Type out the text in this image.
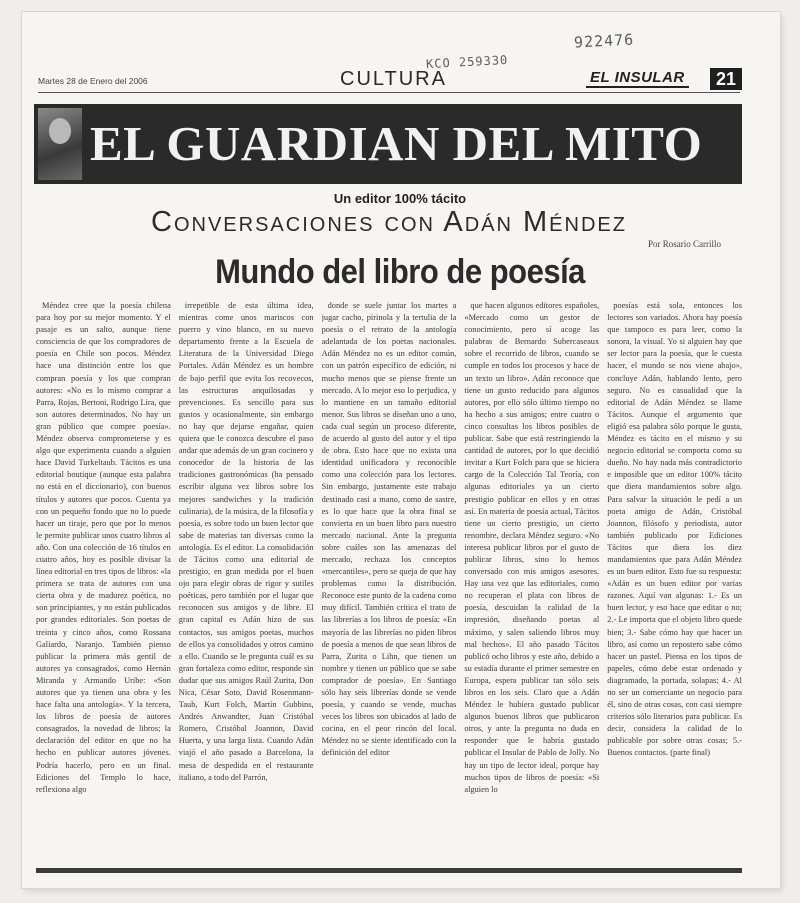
922476
KCO 259330
Martes 28 de Enero del 2006	CULTURA	EL INSULAR	21
EL GUARDIAN DEL MITO
Un editor 100% tácito
Conversaciones con Adán Méndez
Por Rosario Carrillo
Mundo del libro de poesía

Méndez cree que la poesía chilena para hoy por su mejor momento. Y el pasaje es un salto, aunque tiene consciencia de que los compradores de poesía en Chile son pocos. Méndez hace una distinción entre los que compran poesía y los que compran autores: «No es lo mismo comprar a Parra, Rojas, Bertoni, Rodrigo Lira, que son autores determinados. No hay un gran público que compre poesía». Méndez observa comprometerse y es algo que experimenta cuando a alguien hace David Turkeltaub. Tácitos es una editorial boutique (aunque esta palabra no está en el diccionario), con buenos títulos y autores que pocos. Cuenta ya con un pequeño fondo que no lo puede hacer un tiraje, pero que por lo menos le permite publicar unos cuatro libros al año. Con una colección de 16 títulos en cuatro años, hoy es posible divisar la línea editorial en tres tipos de libros: «la primera se trata de autores con una cierta obra y de madurez poética, no son principiantes, y no están publicados por grandes editoriales. Son poetas de treinta y cinco años, como Rossana Galiardo, Naranjo. También pienso publicar la primera más gentil de autores ya consagrados, como Hernán Miranda y Armando Uribe: «Son autores que ya tienen una obra y les hace falta una antología». Y la tercera, los libros de poesía de autores consagrados, la novedad de libros; la declaración del editor en que no ha hecho en publicar autores jóvenes. Podría hacerlo, pero en un final. Ediciones del Templo lo hace, reflexiona algo

irrepetible de esta última idea, mientras come unos mariscos con puerro y vino blanco, en su nuevo departamento frente a la Escuela de Literatura de la Universidad Diego Portales. Adán Méndez es un hombre de bajo perfil que evita los recovecos, las estructuras anquilosadas y prevenciones. Es sencillo para sus gustos y ocasionalmente, sin embargo no hay que dejarse engañar, quien quiera que le conozca descubre el paso andar que además de un gran cocinero y conocedor de la historia de las tradiciones gastronómicas (ha pensado escribir alguna vez libros sobre los mejores sandwiches y la tradición culinaria), de la música, de la filosofía y poesía, es sobre todo un buen lector que sabe de materias tan diversas como la antología. Es el editor. La consolidación de Tácitos como una editorial de prestigio, en gran medida por el buen ojo para elegir obras de rigor y sutiles poéticas, pero también por el lugar que reconocen sus amigos y de libre. El gran capital es Adán hizo de sus contactos, sus amigos poetas, muchos de ellos ya consolidados y otros camino a ello. Cuando se le pregunta cuál es su gran fortaleza como editor, responde sin dudar que sus amigos Raúl Zurita, Don Nica, César Soto, David Rosenmann-Taub, Kurt Folch, Martín Gubbins, Andrés Anwandter, Juan Cristóbal Romero, Cristóbal Joannon, David Huerta, y una larga lista. Cuando Adán viajó el año pasado a Barcelona, la mesa de despedida en el restaurante italiano, a todo del Parrón,

donde se suele juntar los martes a jugar cacho, pirinola y la tertulia de la poesía o el retrato de la antología adelantada de los poetas nacionales. Adán Méndez no es un editor común, con un patrón específico de edición, ni mucho menos que se piense frente un mercado. A lo mejor eso lo perjudica, y lo mantiene en un tamaño editorial menor. Sus libros se diseñan uno a uno, cada cual según un proceso diferente, de acuerdo al gusto del autor y el tipo de obra. Esto hace que no exista una identidad unificadora y reconocible como una colección para los lectores. Sin embargo, justamente este trabajo destinado casi a mano, como de sastre, es lo que hace que la obra final se convierta en un buen libro para nuestro mercado nacional. Ante la pregunta sobre cuáles son las amenazas del mercado, rechaza los conceptos «mercantiles», pero se queja de que hay problemas como la distribución. Reconoce este punto de la cadena como muy difícil. También critica el trato de las librerías a los libros de poesía: «En mayoría de las librerías no piden libros de poesía a menos de que sean libros de Parra, Zurita o Lihn, que tienen un nombre y tienen un público que se sabe comprador de poesía». En Santiago sólo hay seis librerías donde se vende poesía, y cuando se vende, muchas veces los libros son ubicados al lado de cocina, en el peor rincón del local. Méndez no se siente identificado con la definición del editor

que hacen algunos editores españoles, «Mercado como un gestor de conocimiento, pero sí acoge las palabras de Bernardo Subercaseaux sobre el recorrido de libros, cuando se cumple en todos los procesos y hace de un texto un libro». Adán reconoce que tiene un gusto reducido para algunos autores, por ello sólo último tiempo no ha hecho a sus amigos; entre cuatro o cinco consultas los libros posibles de publicar. Sabe que está restringiendo la cantidad de autores, por lo que decidió invitar a Kurt Folch para que se hiciera cargo de la Colección Tal Teoría, con algunas editoriales ya un cierto prestigio publicar en ellos y en otras así. En materia de poesía actual, Tácitos tiene un cierto prestigio, un cierto renombre, declara Méndez seguro. «No interesa publicar libros por el gusto de publicar libros, sino lo hemos conversado con mis amigos asesores. Hay una vez que las editoriales, como no recuperan el plata con libros de poesía, descuidan la calidad de la impresión, diseñando poetas al máximo, y salen saliendo libros muy mal hechos». El año pasado Tácitos publicó ocho libros y este año, debido a su estadía durante el primer semestre en Europa, espera publicar tan sólo seis libros en los seis. Claro que a Adán Méndez le hubiera gustado publicar algunos buenos libros que publicaron otros, y ante la pregunta no duda en responder que le habría gustado publicar el Insular de Pablo de Jolly. No hay un tipo de lector ideal, porque hay muchos tipos de libros de poesía: «Si alguien lo

poesías está sola, entonces los lectores son variados. Ahora hay poesía que tampoco es para leer, como la sonora, la visual. Yo si alguien hay que ser lector para la poesía, que le cuesta hacer, el mundo se nos viene abajo», concluye Adán, hablando lento, pero seguro. No es casualidad que la editorial de Adán Méndez se llame Tácitos. Aunque el argumento que eligió esa palabra sólo porque le gusta, Méndez es tácito en el mismo y su negocio editorial se comporta como su dueño. No hay nada más contradictorio e imposible que un editor 100% tácito que diera mandamientos sobre algo. Para salvar la situación le pedí a un poeta amigo de Adán, Cristóbal Joannon, filósofo y periodista, autor también publicado por Ediciones Tácitos que diera los diez mandamientos que para Adán Méndez es un buen editor. Esto fue su respuesta: «Adán es un buen editor por varias razones. Aquí van algunas: 1.- Es un buen lector, y eso hace que editar o no; 2.- Le importa que el objeto libro quede bien; 3.- Sabe cómo hay que hacer un libro, así como un repostero sabe cómo hacer un pastel. Piensa en los tipos de papeles, cómo debe estar ordenado y diagramado, la portada, solapas; 4.- Al no ser un comerciante un negocio para él, sino de otras cosas, con casi siempre criterios sólo literarios para publicar. Es decir, considera la calidad de lo publicable por sobre otras cosas; 5.- Buenos contactos. (parte final)
